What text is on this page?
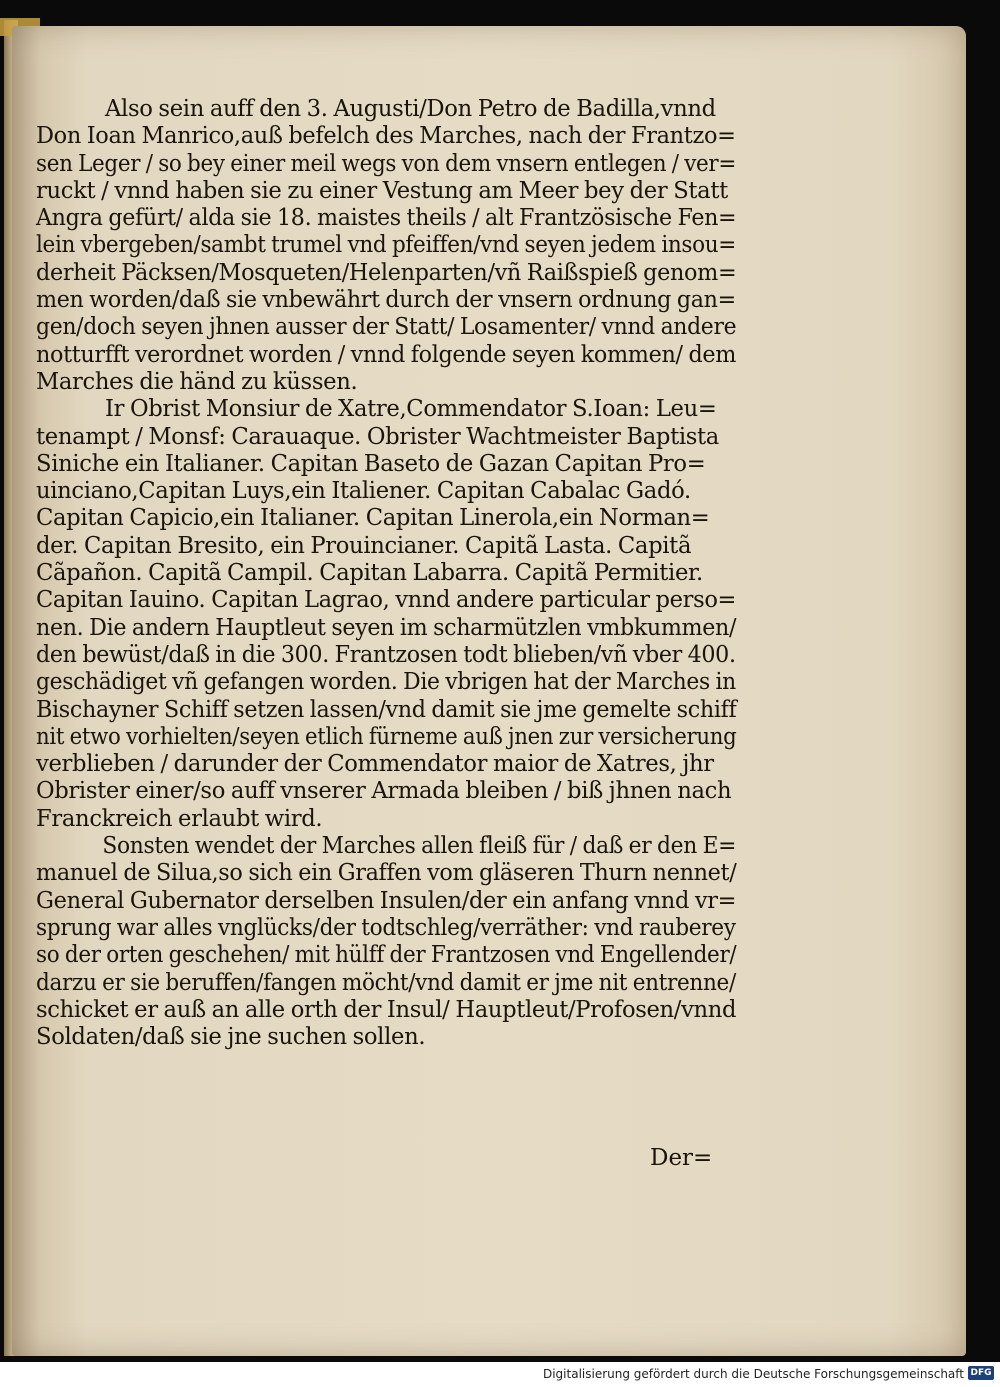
Also sein auff den 3. Augusti/Don Petro de Badilla,vnnd
Don Ioan Manrico,auß befelch des Marches, nach der Frantzo=
sen Leger / so bey einer meil wegs von dem vnsern entlegen / ver=
ruckt / vnnd haben sie zu einer Vestung am Meer bey der Statt
Angra gefürt/ alda sie 18. maistes theils / alt Frantzösische Fen=
lein vbergeben/sambt trumel vnd pfeiffen/vnd seyen jedem insou=
derheit Päcksen/Mosqueten/Helenparten/vñ Raißspieß genom=
men worden/daß sie vnbewährt durch der vnsern ordnung gan=
gen/doch seyen jhnen ausser der Statt/ Losamenter/ vnnd andere
notturfft verordnet worden / vnnd folgende seyen kommen/ dem
Marches die händ zu küssen.
Ir Obrist Monsiur de Xatre,Commendator S.Ioan: Leu=
tenampt / Monsf: Carauaque. Obrister Wachtmeister Baptista
Siniche ein Italianer. Capitan Baseto de Gazan Capitan Pro=
uinciano,Capitan Luys,ein Italiener. Capitan Cabalac Gadó.
Capitan Capicio,ein Italianer. Capitan Linerola,ein Norman=
der. Capitan Bresito, ein Prouincianer. Capitã Lasta. Capitã
Cãpañon. Capitã Campil. Capitan Labarra. Capitã Permitier.
Capitan Iauino. Capitan Lagrao, vnnd andere particular perso=
nen. Die andern Hauptleut seyen im scharmützlen vmbkummen/
den bewüst/daß in die 300. Frantzosen todt blieben/vñ vber 400.
geschädiget vñ gefangen worden. Die vbrigen hat der Marches in
Bischayner Schiff setzen lassen/vnd damit sie jme gemelte schiff
nit etwo vorhielten/seyen etlich fürneme auß jnen zur versicherung
verblieben / darunder der Commendator maior de Xatres, jhr
Obrister einer/so auff vnserer Armada bleiben / biß jhnen nach
Franckreich erlaubt wird.
Sonsten wendet der Marches allen fleiß für / daß er den E=
manuel de Silua,so sich ein Graffen vom gläseren Thurn nennet/
General Gubernator derselben Insulen/der ein anfang vnnd vr=
sprung war alles vnglücks/der todtschleg/verräther: vnd rauberey
so der orten geschehen/ mit hülff der Frantzosen vnd Engellender/
darzu er sie beruffen/fangen möcht/vnd damit er jme nit entrenne/
schicket er auß an alle orth der Insul/ Hauptleut/Profosen/vnnd
Soldaten/daß sie jne suchen sollen.
Der=
Digitalisierung gefördert durch die Deutsche Forschungsgemeinschaft DFG
